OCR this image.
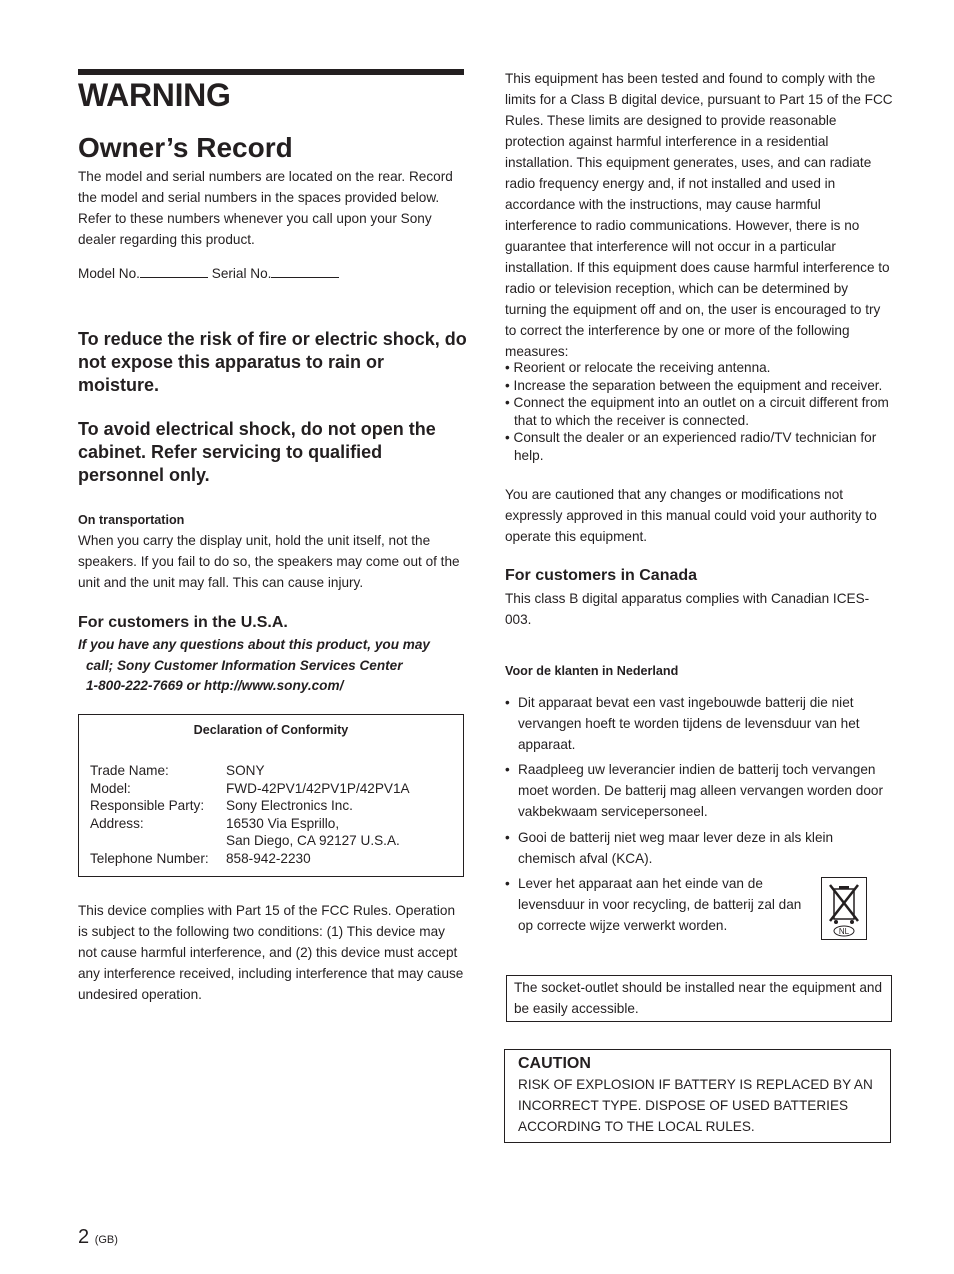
WARNING
Owner’s Record

The model and serial numbers are located on the rear. Record the model and serial numbers in the spaces provided below. Refer to these numbers whenever you call upon your Sony dealer regarding this product.

Model No.	Serial No.

To reduce the risk of fire or electric shock, do not expose this apparatus to rain or moisture.

To avoid electrical shock, do not open the cabinet. Refer servicing to qualified personnel only.

On transportation

When you carry the display unit, hold the unit itself, not the speakers. If you fail to do so, the speakers may come out of the unit and the unit may fall. This can cause injury.

For customers in the U.S.A.

If you have any questions about this product, you may
call; Sony Customer Information Services Center
1-800-222-7669 or http://www.sony.com/
Declaration of Conformity
Trade Name:	SONY
Model:	FWD-42PV1/42PV1P/42PV1A
Responsible Party: Sony Electronics Inc.
Address:	16530 Via Esprillo,
San Diego, CA 92127 U.S.A.
Telephone Number: 858-942-2230

This device complies with Part 15 of the FCC Rules. Operation is subject to the following two conditions: (1) This device may not cause harmful interference, and (2) this device must accept any interference received, including interference that may cause undesired operation.

This equipment has been tested and found to comply with the limits for a Class B digital device, pursuant to Part 15 of the FCC Rules. These limits are designed to provide reasonable protection against harmful interference in a residential installation. This equipment generates, uses, and can radiate radio frequency energy and, if not installed and used in accordance with the instructions, may cause harmful interference to radio communications. However, there is no guarantee that interference will not occur in a particular installation. If this equipment does cause harmful interference to radio or television reception, which can be determined by turning the equipment off and on, the user is encouraged to try to correct the interference by one or more of the following measures:

• Reorient or relocate the receiving antenna.
• Increase the separation between the equipment and receiver.
• Connect the equipment into an outlet on a circuit different from that to which the receiver is connected.
• Consult the dealer or an experienced radio/TV technician for help.

You are cautioned that any changes or modifications not expressly approved in this manual could void your authority to operate this equipment.

For customers in Canada

This class B digital apparatus complies with Canadian ICES-003.

Voor de klanten in Nederland

• Dit apparaat bevat een vast ingebouwde batterij die niet vervangen hoeft te worden tijdens de levensduur van het apparaat.
• Raadpleeg uw leverancier indien de batterij toch vervangen moet worden. De batterij mag alleen vervangen worden door vakbekwaam servicepersoneel.
• Gooi de batterij niet weg maar lever deze in als klein chemisch afval (KCA).
• Lever het apparaat aan het einde van de levensduur in voor recycling, de batterij zal dan op correcte wijze verwerkt worden.	NL

The socket-outlet should be installed near the equipment and be easily accessible.

CAUTION
RISK OF EXPLOSION IF BATTERY IS REPLACED BY AN INCORRECT TYPE. DISPOSE OF USED BATTERIES ACCORDING TO THE LOCAL RULES.
2 (GB)
